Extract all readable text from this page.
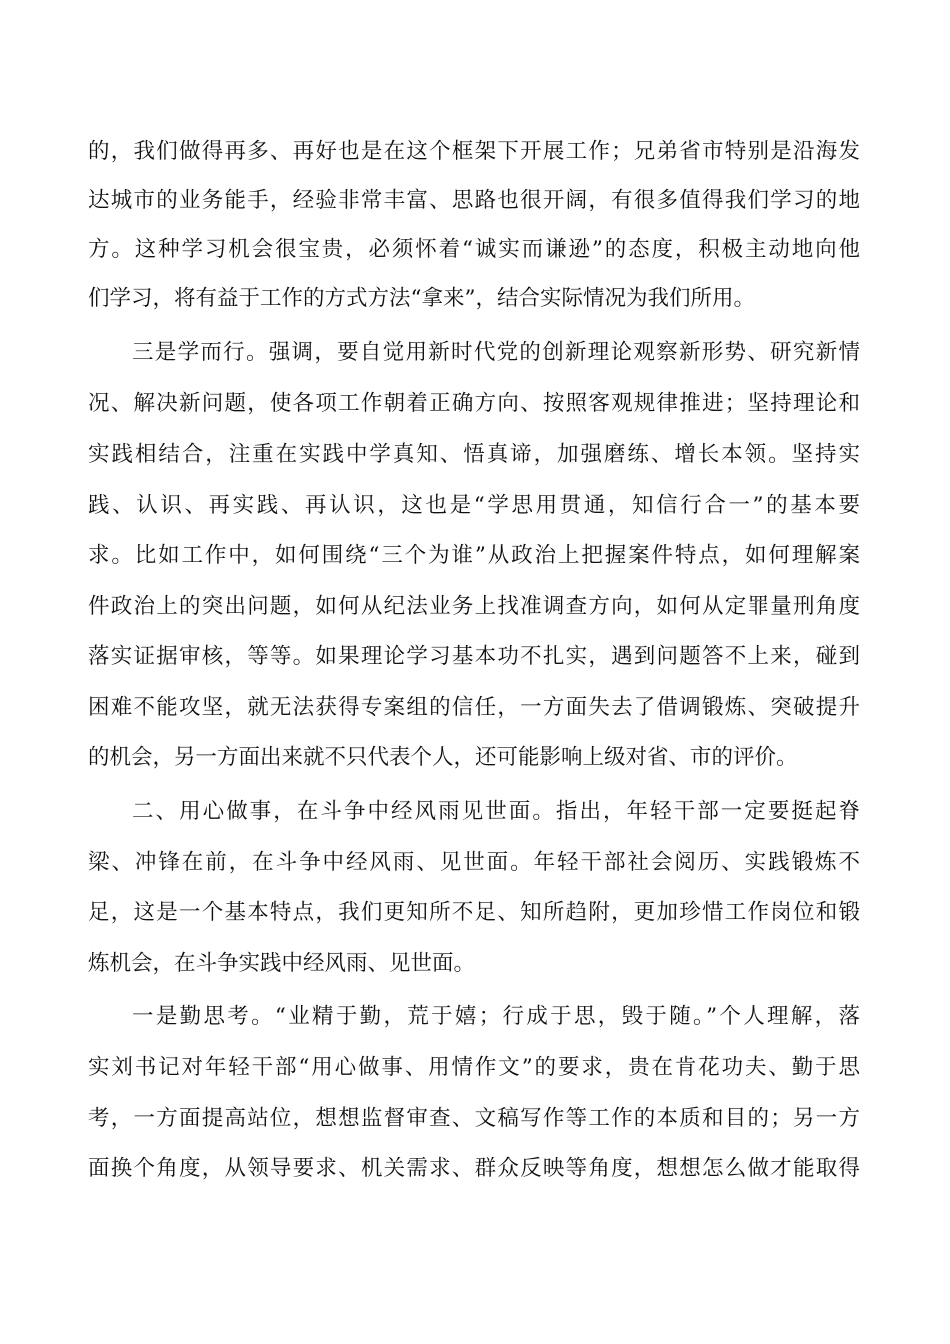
的，我们做得再多、再好也是在这个框架下开展工作；兄弟省市特别是沿海发
达城市的业务能手，经验非常丰富、思路也很开阔，有很多值得我们学习的地
方。这种学习机会很宝贵，必须怀着“诚实而谦逊”的态度，积极主动地向他
们学习，将有益于工作的方式方法“拿来”，结合实际情况为我们所用。
三是学而行。强调，要自觉用新时代党的创新理论观察新形势、研究新情
况、解决新问题，使各项工作朝着正确方向、按照客观规律推进；坚持理论和
实践相结合，注重在实践中学真知、悟真谛，加强磨练、增长本领。坚持实
践、认识、再实践、再认识，这也是“学思用贯通，知信行合一”的基本要
求。比如工作中，如何围绕“三个为谁”从政治上把握案件特点，如何理解案
件政治上的突出问题，如何从纪法业务上找准调查方向，如何从定罪量刑角度
落实证据审核，等等。如果理论学习基本功不扎实，遇到问题答不上来，碰到
困难不能攻坚，就无法获得专案组的信任，一方面失去了借调锻炼、突破提升
的机会，另一方面出来就不只代表个人，还可能影响上级对省、市的评价。
二、用心做事，在斗争中经风雨见世面。指出，年轻干部一定要挺起脊
梁、冲锋在前，在斗争中经风雨、见世面。年轻干部社会阅历、实践锻炼不
足，这是一个基本特点，我们更知所不足、知所趋附，更加珍惜工作岗位和锻
炼机会，在斗争实践中经风雨、见世面。
一是勤思考。“业精于勤，荒于嬉；行成于思，毁于随。”个人理解，落
实刘书记对年轻干部“用心做事、用情作文”的要求，贵在肯花功夫、勤于思
考，一方面提高站位，想想监督审查、文稿写作等工作的本质和目的；另一方
面换个角度，从领导要求、机关需求、群众反映等角度，想想怎么做才能取得
